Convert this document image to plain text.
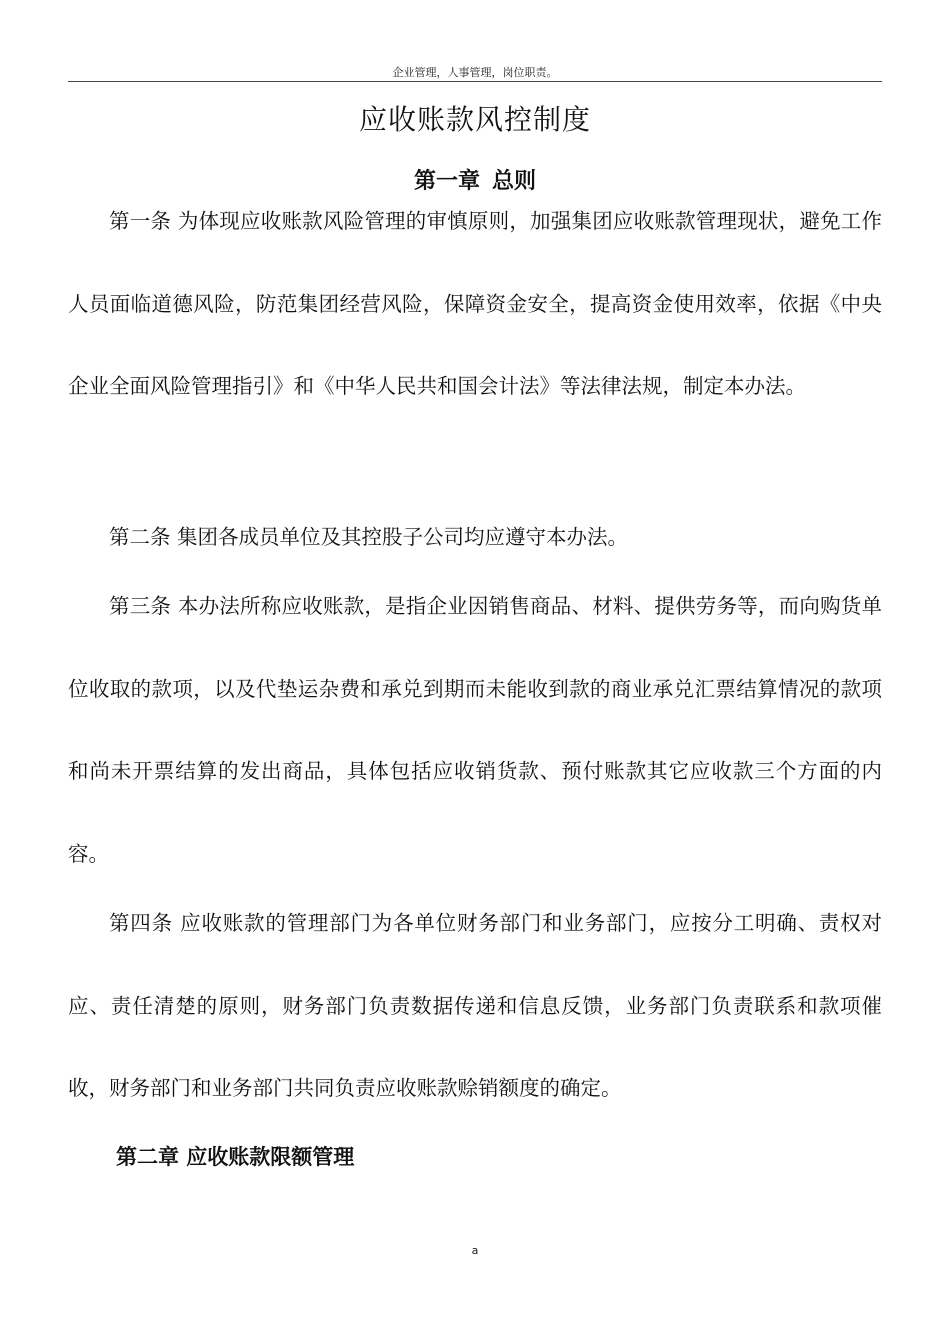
企业管理，人事管理，岗位职责。
应收账款风控制度
第一章 总则

第一条 为体现应收账款风险管理的审慎原则，加强集团应收账款管理现状，避免工作人员面临道德风险，防范集团经营风险，保障资金安全，提高资金使用效率，依据《中央企业全面风险管理指引》和《中华人民共和国会计法》等法律法规，制定本办法。

第二条 集团各成员单位及其控股子公司均应遵守本办法。

第三条 本办法所称应收账款，是指企业因销售商品、材料、提供劳务等，而向购货单位收取的款项，以及代垫运杂费和承兑到期而未能收到款的商业承兑汇票结算情况的款项和尚未开票结算的发出商品，具体包括应收销货款、预付账款其它应收款三个方面的内容。

第四条 应收账款的管理部门为各单位财务部门和业务部门，应按分工明确、责权对应、责任清楚的原则，财务部门负责数据传递和信息反馈，业务部门负责联系和款项催收，财务部门和业务部门共同负责应收账款赊销额度的确定。

第二章 应收账款限额管理
a
